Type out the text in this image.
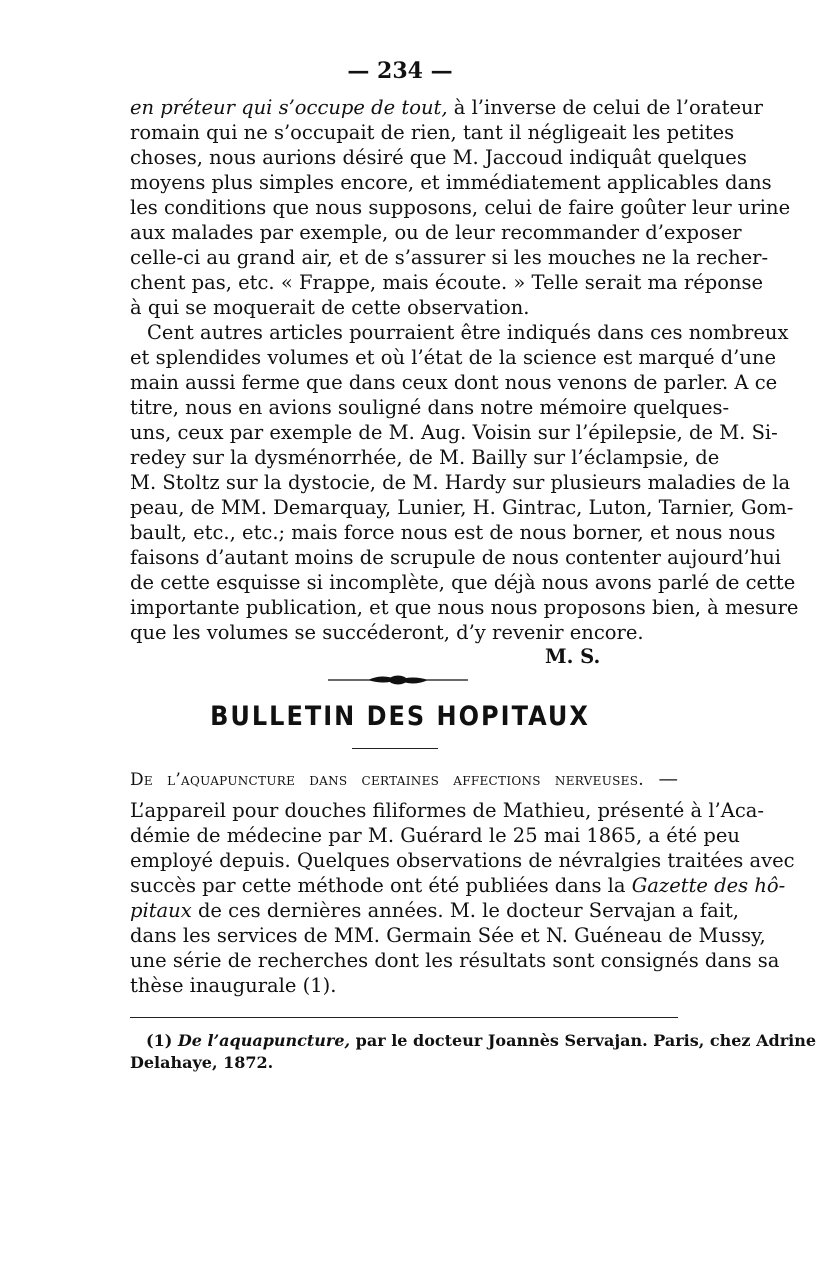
— 234 —
en préteur qui s’occupe de tout, à l’inverse de celui de l’orateur
romain qui ne s’occupait de rien, tant il négligeait les petites
choses, nous aurions désiré que M. Jaccoud indiquât quelques
moyens plus simples encore, et immédiatement applicables dans
les conditions que nous supposons, celui de faire goûter leur urine
aux malades par exemple, ou de leur recommander d’exposer
celle-ci au grand air, et de s’assurer si les mouches ne la recher-
chent pas, etc. « Frappe, mais écoute. » Telle serait ma réponse
à qui se moquerait de cette observation.
Cent autres articles pourraient être indiqués dans ces nombreux
et splendides volumes et où l’état de la science est marqué d’une
main aussi ferme que dans ceux dont nous venons de parler. A ce
titre, nous en avions souligné dans notre mémoire quelques-
uns, ceux par exemple de M. Aug. Voisin sur l’épilepsie, de M. Si-
redey sur la dysménorrhée, de M. Bailly sur l’éclampsie, de
M. Stoltz sur la dystocie, de M. Hardy sur plusieurs maladies de la
peau, de MM. Demarquay, Lunier, H. Gintrac, Luton, Tarnier, Gom-
bault, etc., etc.; mais force nous est de nous borner, et nous nous
faisons d’autant moins de scrupule de nous contenter aujourd’hui
de cette esquisse si incomplète, que déjà nous avons parlé de cette
importante publication, et que nous nous proposons bien, à mesure
que les volumes se succéderont, d’y revenir encore.
M. S.
BULLETIN DES HOPITAUX
De l’aquapuncture dans certaines affections nerveuses. —
L’appareil pour douches filiformes de Mathieu, présenté à l’Aca-
démie de médecine par M. Guérard le 25 mai 1865, a été peu
employé depuis. Quelques observations de névralgies traitées avec
succès par cette méthode ont été publiées dans la Gazette des hô-
pitaux de ces dernières années. M. le docteur Servajan a fait,
dans les services de MM. Germain Sée et N. Guéneau de Mussy,
une série de recherches dont les résultats sont consignés dans sa
thèse inaugurale (1).
(1) De l’aquapuncture, par le docteur Joannès Servajan. Paris, chez Adrine
Delahaye, 1872.
